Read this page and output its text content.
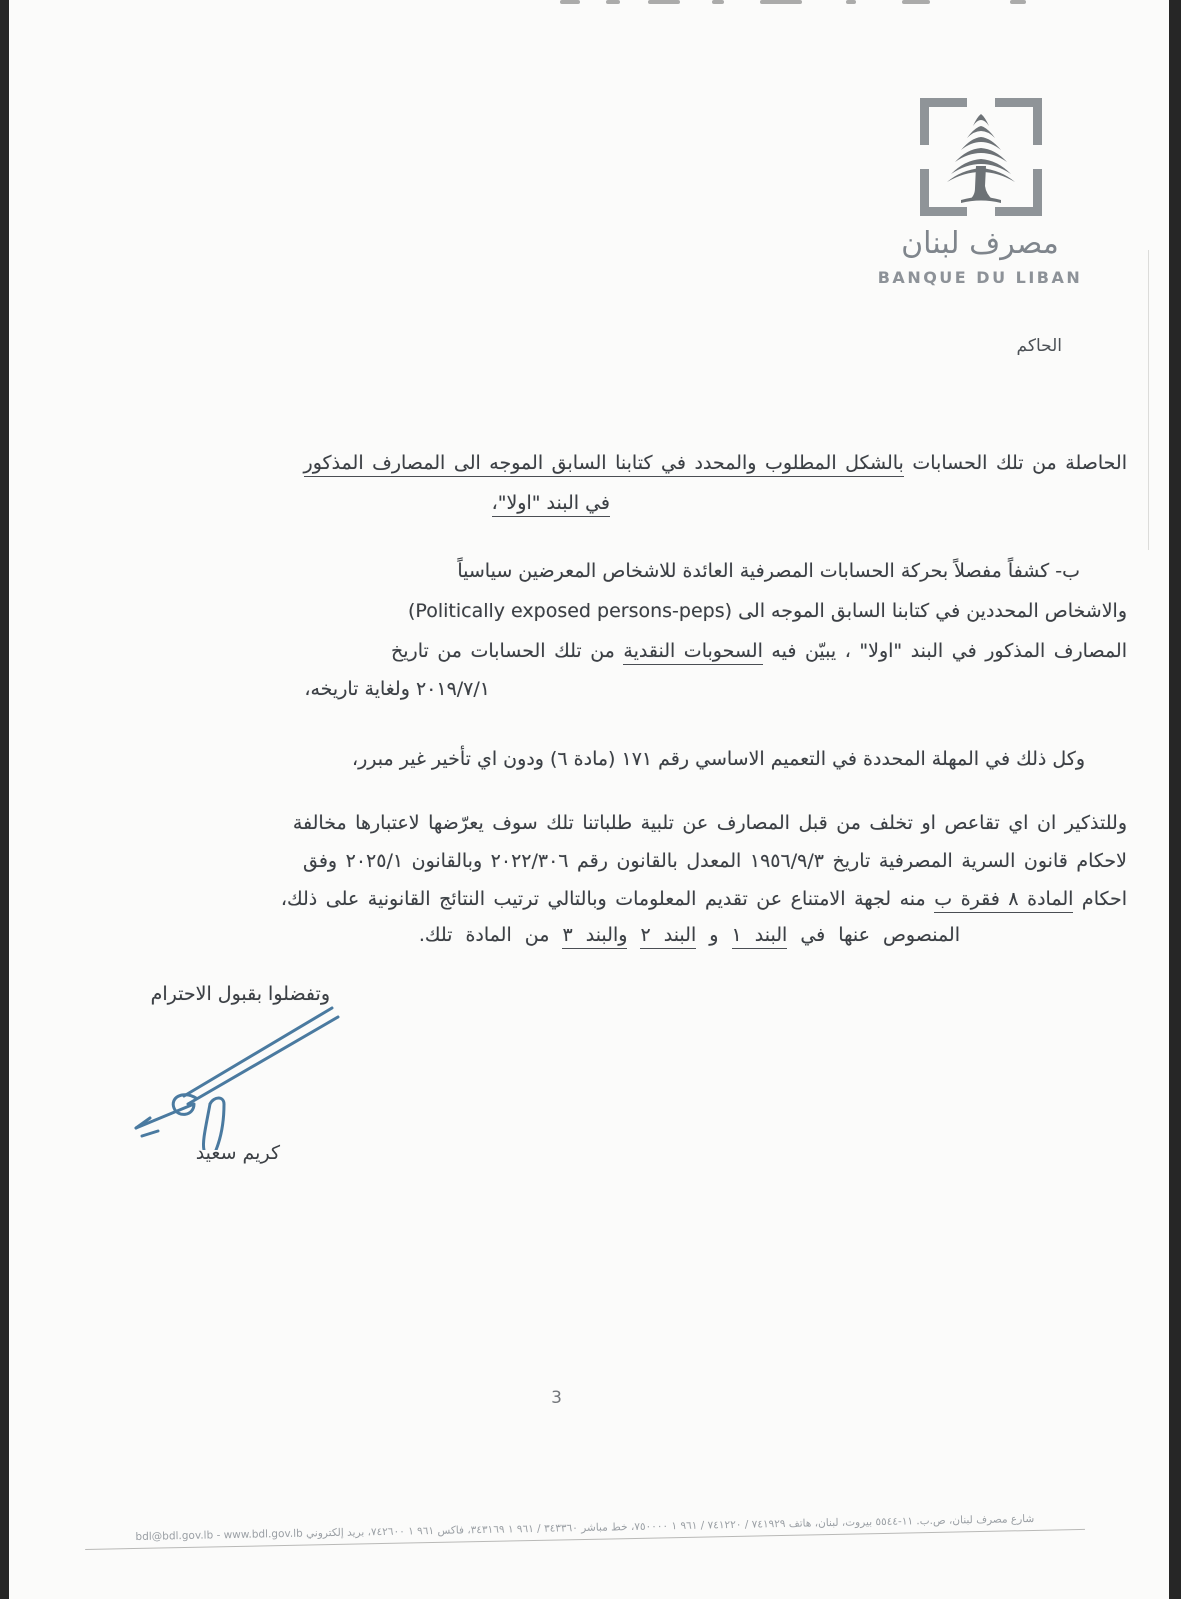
مصرف لبنان
BANQUE DU LIBAN
الحاكم
الحاصلة من تلك الحسابات بالشكل المطلوب والمحدد في كتابنا السابق الموجه الى المصارف المذكور
في البند "اولا"،
ب- كشفاً مفصلاً بحركة الحسابات المصرفية العائدة للاشخاص المعرضين سياسياً
والاشخاص المحددين في كتابنا السابق الموجه الى (Politically exposed persons-peps)
المصارف المذكور في البند "اولا" ، يبيّن فيه السحوبات النقدية من تلك الحسابات من تاريخ
٢٠١٩/٧/١ ولغاية تاريخه،
وكل ذلك في المهلة المحددة في التعميم الاساسي رقم ١٧١ (مادة ٦) ودون اي تأخير غير مبرر،
وللتذكير ان اي تقاعص او تخلف من قبل المصارف عن تلبية طلباتنا تلك سوف يعرّضها لاعتبارها مخالفة
لاحكام قانون السرية المصرفية تاريخ ١٩٥٦/٩/٣ المعدل بالقانون رقم ٢٠٢٢/٣٠٦ وبالقانون ٢٠٢٥/١ وفق
احكام المادة ٨ فقرة ب منه لجهة الامتناع عن تقديم المعلومات وبالتالي ترتيب النتائج القانونية على ذلك،
المنصوص عنها في البند ١ و البند ٢ والبند ٣ من المادة تلك.
وتفضلوا بقبول الاحترام
كريم سعيد
3
شارع مصرف لبنان، ص.ب. ١١-٥٥٤٤ بيروت، لبنان، هاتف ٧٤١٩٢٩ / ٧٤١٢٢٠ / ٩٦١ ١ ٧٥٠٠٠٠، خط مباشر ٣٤٣٣٦٠ / ٩٦١ ١ ٣٤٣١٦٩، فاكس ٩٦١ ١ ٧٤٢٦٠٠، بريد إلكتروني bdl@bdl.gov.lb - www.bdl.gov.lb
